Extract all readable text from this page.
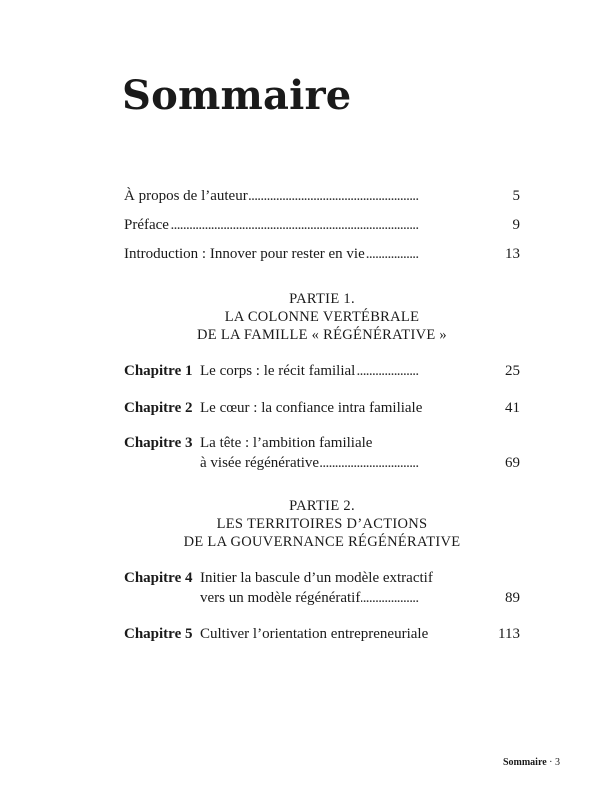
Sommaire
. . .
À propos de l’auteur	5
. . .
Préface	9
. . .
Introduction : Innover pour rester en vie	13
PARTIE 1.
LA COLONNE VERTÉBRALE
DE LA FAMILLE « RÉGÉNÉRATIVE »
. . .
Chapitre 1 Le corps : le récit familial	25
. . .
Chapitre 2 Le cœur : la confiance intra familiale	41
Chapitre 3 La tête : l’ambition familiale
. . .
à visée régénérative	69
PARTIE 2.
LES TERRITOIRES D’ACTIONS
DE LA GOUVERNANCE RÉGÉNÉRATIVE
Chapitre 4 Initier la bascule d’un modèle extractif
. . .
vers un modèle régénératif	89
. . .
Chapitre 5 Cultiver l’orientation entrepreneuriale	113
Sommaire · 3
